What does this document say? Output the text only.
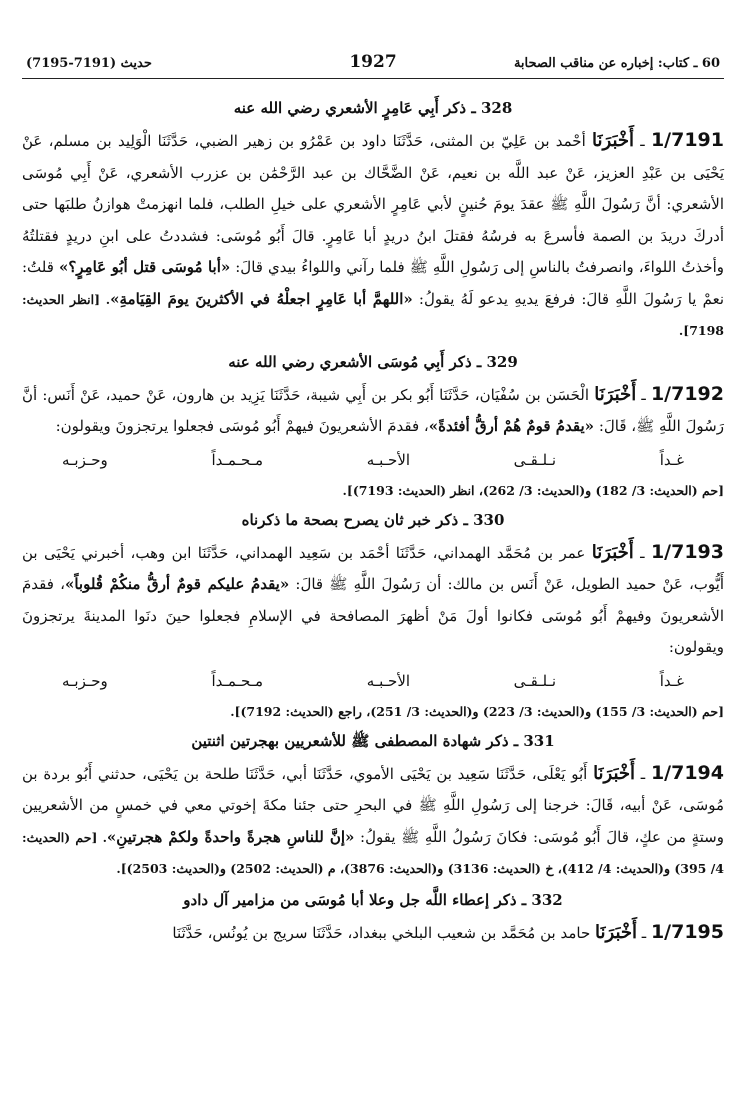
60 ـ كتاب: إخباره عن مناقب الصحابة
1927
حديث (7191-7195)
328 ـ ذكر أَبِي عَامِرٍ الأشعري رضي الله عنه

1/7191 ـ أَخْبَرَنَا أحْمد بن عَلِيّ بن المثنى، حَدَّثَنَا داود بن عَمْرُو بن زهير الضبي، حَدَّثَنَا الْوَلِيد بن مسلم، عَنْ يَحْيَى بن عَبْدِ العزيز، عَنْ عبد اللَّه بن نعيم، عَنْ الضَّحَّاك بن عبد الرَّحْمَٰن بن عزرب الأشعري، عَنْ أَبِي مُوسَى الأشعري: أنَّ رَسُولَ اللَّهِ ﷺ عقدَ يومَ حُنينٍ لأبي عَامِرٍ الأشعري على خيلِ الطلب، فلما انهزمتْ هوازنُ طلبَها حتى أدركَ دريدَ بن الصمة فأسرعَ به فرسُهُ فقتلَ ابنُ دريدٍ أبا عَامِرٍ. قالَ أَبُو مُوسَى: فشددتُ على ابنِ دريدٍ فقتلتُهُ وأخذتُ اللواءَ، وانصرفتُ بالناسِ إلى رَسُولِ اللَّهِ ﷺ فلما رآني واللواءُ بيدي قالَ: «أبا مُوسَى قتل أبُو عَامِرٍ؟» قلتُ: نعمْ يا رَسُولَ اللَّهِ قالَ: فرفعَ يديهِ يدعو لَهُ يقولُ: «اللهمَّ أبا عَامِرٍ اجعلْهُ في الأكثرينَ يومَ القِيَامةِ». [انظر الحديث: 7198].

329 ـ ذكر أَبِي مُوسَى الأشعري رضي الله عنه

1/7192 ـ أَخْبَرَنَا الْحَسَن بن سُفْيَان، حَدَّثَنَا أَبُو بكر بن أَبِي شيبة، حَدَّثَنَا يَزِيد بن هارون، عَنْ حميد، عَنْ أَنَس: أنَّ رَسُولَ اللَّهِ ﷺ، قَالَ: «يقدمُ قومٌ هُمْ أرقُّ أفئدةً»، فقدمَ الأشعريونَ فيهمْ أَبُو مُوسَى فجعلوا يرتجزونَ ويقولون:

غـداً
نـلـقـى
الأحـبـه
مـحـمـداً
وحـزبـه
[حم (الحديث: 3/ 182) و(الحديث: 3/ 262)، انظر (الحديث: 7193)].
330 ـ ذكر خبر ثان يصرح بصحة ما ذكرناه

1/7193 ـ أَخْبَرَنَا عمر بن مُحَمَّد الهمداني، حَدَّثَنَا أحْمَد بن سَعِيد الهمداني، حَدَّثَنَا ابن وهب، أخبرني يَحْيَى بن أَيُّوب، عَنْ حميد الطويل، عَنْ أَنَس بن مالك: أن رَسُولَ اللَّهِ ﷺ قالَ: «يقدمُ عليكم قومٌ أرقُّ منكُمْ قُلوباً»، فقدمَ الأشعريونَ وفيهمْ أَبُو مُوسَى فكانوا أولَ مَنْ أظهرَ المصافحة في الإسلامِ فجعلوا حينَ دنَوا المدينةَ يرتجزونَ ويقولون:

غـداً
نـلـقـى
الأحـبـه
مـحـمـداً
وحـزبـه
[حم (الحديث: 3/ 155) و(الحديث: 3/ 223) و(الحديث: 3/ 251)، راجع (الحديث: 7192)].
331 ـ ذكر شهادة المصطفى ﷺ للأشعريين بهجرتين اثنتين

1/7194 ـ أَخْبَرَنَا أَبُو يَعْلَى، حَدَّثَنَا سَعِيد بن يَحْيَى الأموي، حَدَّثَنَا أبي، حَدَّثَنَا طلحة بن يَحْيَى، حدثني أَبُو بردة بن مُوسَى، عَنْ أبيه، قَالَ: خرجنا إلى رَسُولِ اللَّهِ ﷺ في البحرِ حتى جئنا مكةَ إخوتي معي في خمسٍ من الأشعريين وستةٍ من عكٍ، قالَ أَبُو مُوسَى: فكانَ رَسُولُ اللَّهِ ﷺ يقولُ: «إنَّ للناسِ هجرةً واحدةً ولكمْ هجرتينِ». [حم (الحديث: 4/ 395) و(الحديث: 4/ 412)، خ (الحديث: 3136) و(الحديث: 3876)، م (الحديث: 2502) و(الحديث: 2503)].

332 ـ ذكر إعطاء اللَّه جل وعلا أبا مُوسَى من مزامير آل دادو

1/7195 ـ أَخْبَرَنَا حامد بن مُحَمَّد بن شعيب البلخي ببغداد، حَدَّثَنَا سريج بن يُونُس، حَدَّثَنَا
